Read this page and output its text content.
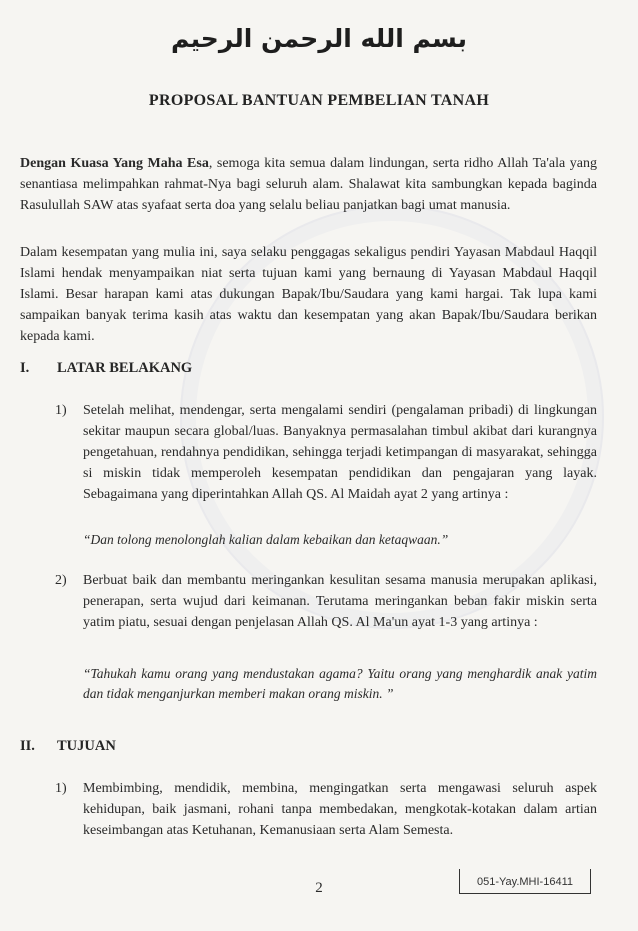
بسم الله الرحمن الرحيم
PROPOSAL BANTUAN PEMBELIAN TANAH

Dengan Kuasa Yang Maha Esa, semoga kita semua dalam lindungan, serta ridho Allah Ta'ala yang senantiasa melimpahkan rahmat-Nya bagi seluruh alam. Shalawat kita sambungkan kepada baginda Rasulullah SAW atas syafaat serta doa yang selalu beliau panjatkan bagi umat manusia.

Dalam kesempatan yang mulia ini, saya selaku penggagas sekaligus pendiri Yayasan Mabdaul Haqqil Islami hendak menyampaikan niat serta tujuan kami yang bernaung di Yayasan Mabdaul Haqqil Islami. Besar harapan kami atas dukungan Bapak/Ibu/Saudara yang kami hargai. Tak lupa kami sampaikan banyak terima kasih atas waktu dan kesempatan yang akan Bapak/Ibu/Saudara berikan kepada kami.

I. LATAR BELAKANG
1) Setelah melihat, mendengar, serta mengalami sendiri (pengalaman pribadi) di lingkungan sekitar maupun secara global/luas. Banyaknya permasalahan timbul akibat dari kurangnya pengetahuan, rendahnya pendidikan, sehingga terjadi ketimpangan di masyarakat, sehingga si miskin tidak memperoleh kesempatan pendidikan dan pengajaran yang layak. Sebagaimana yang diperintahkan Allah QS. Al Maidah ayat 2 yang artinya :
“Dan tolong menolonglah kalian dalam kebaikan dan ketaqwaan.”
2) Berbuat baik dan membantu meringankan kesulitan sesama manusia merupakan aplikasi, penerapan, serta wujud dari keimanan. Terutama meringankan beban fakir miskin serta yatim piatu, sesuai dengan penjelasan Allah QS. Al Ma'un ayat 1-3 yang artinya :
“Tahukah kamu orang yang mendustakan agama? Yaitu orang yang menghardik anak yatim dan tidak menganjurkan memberi makan orang miskin. ”
II. TUJUAN
1) Membimbing, mendidik, membina, mengingatkan serta mengawasi seluruh aspek kehidupan, baik jasmani, rohani tanpa membedakan, mengkotak-kotakan dalam artian keseimbangan atas Ketuhanan, Kemanusiaan serta Alam Semesta.
2	051-Yay.MHI-16411
